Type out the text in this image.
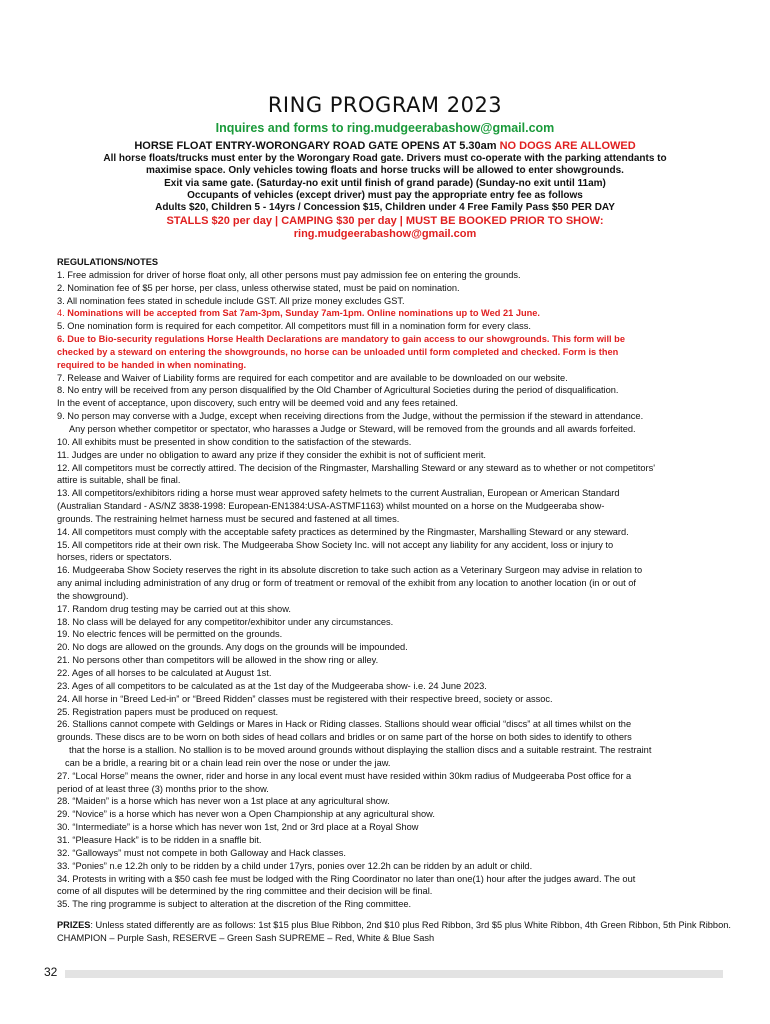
RING PROGRAM 2023
Inquires and forms to ring.mudgeerabashow@gmail.com
HORSE FLOAT ENTRY-WORONGARY ROAD GATE OPENS AT 5.30am NO DOGS ARE ALLOWED
All horse floats/trucks must enter by the Worongary Road gate. Drivers must co-operate with the parking attendants to
maximise space. Only vehicles towing floats and horse trucks will be allowed to enter showgrounds.
Exit via same gate. (Saturday-no exit until finish of grand parade) (Sunday-no exit until 11am)
Occupants of vehicles (except driver) must pay the appropriate entry fee as follows
Adults $20, Children 5 - 14yrs / Concession $15, Children under 4 Free Family Pass $50 PER DAY
STALLS $20 per day | CAMPING $30 per day | MUST BE BOOKED PRIOR TO SHOW:
ring.mudgeerabashow@gmail.com

REGULATIONS/NOTES

1. Free admission for driver of horse float only, all other persons must pay admission fee on entering the grounds.

2. Nomination fee of $5 per horse, per class, unless otherwise stated, must be paid on nomination.

3. All nomination fees stated in schedule include GST. All prize money excludes GST.

4. Nominations will be accepted from Sat 7am-3pm, Sunday 7am-1pm. Online nominations up to Wed 21 June.

5. One nomination form is required for each competitor. All competitors must fill in a nomination form for every class.

6. Due to Bio-security regulations Horse Health Declarations are mandatory to gain access to our showgrounds. This form will be

checked by a steward on entering the showgrounds, no horse can be unloaded until form completed and checked. Form is then

required to be handed in when nominating.

7. Release and Waiver of Liability forms are required for each competitor and are available to be downloaded on our website.

8. No entry will be received from any person disqualified by the Old Chamber of Agricultural Societies during the period of disqualification.

In the event of acceptance, upon discovery, such entry will be deemed void and any fees retained.

9. No person may converse with a Judge, except when receiving directions from the Judge, without the permission if the steward in attendance.

Any person whether competitor or spectator, who harasses a Judge or Steward, will be removed from the grounds and all awards forfeited.

10. All exhibits must be presented in show condition to the satisfaction of the stewards.

11. Judges are under no obligation to award any prize if they consider the exhibit is not of sufficient merit.

12. All competitors must be correctly attired. The decision of the Ringmaster, Marshalling Steward or any steward as to whether or not competitors'

attire is suitable, shall be final.

13. All competitors/exhibitors riding a horse must wear approved safety helmets to the current Australian, European or American Standard

(Australian Standard - AS/NZ 3838-1998: European-EN1384:USA-ASTMF1163) whilst mounted on a horse on the Mudgeeraba show-

grounds. The restraining helmet harness must be secured and fastened at all times.

14. All competitors must comply with the acceptable safety practices as determined by the Ringmaster, Marshalling Steward or any steward.

15. All competitors ride at their own risk. The Mudgeeraba Show Society Inc. will not accept any liability for any accident, loss or injury to

horses, riders or spectators.

16. Mudgeeraba Show Society reserves the right in its absolute discretion to take such action as a Veterinary Surgeon may advise in relation to

any animal including administration of any drug or form of treatment or removal of the exhibit from any location to another location (in or out of

the showground).

17. Random drug testing may be carried out at this show.

18. No class will be delayed for any competitor/exhibitor under any circumstances.

19. No electric fences will be permitted on the grounds.

20. No dogs are allowed on the grounds. Any dogs on the grounds will be impounded.

21. No persons other than competitors will be allowed in the show ring or alley.

22. Ages of all horses to be calculated at August 1st.

23. Ages of all competitors to be calculated as at the 1st day of the Mudgeeraba show- i.e. 24 June 2023.

24. All horse in “Breed Led-in” or “Breed Ridden” classes must be registered with their respective breed, society or assoc.

25. Registration papers must be produced on request.

26. Stallions cannot compete with Geldings or Mares in Hack or Riding classes. Stallions should wear official “discs” at all times whilst on the

grounds. These discs are to be worn on both sides of head collars and bridles or on same part of the horse on both sides to identify to others

that the horse is a stallion. No stallion is to be moved around grounds without displaying the stallion discs and a suitable restraint. The restraint

can be a bridle, a rearing bit or a chain lead rein over the nose or under the jaw.

27. “Local Horse” means the owner, rider and horse in any local event must have resided within 30km radius of Mudgeeraba Post office for a

period of at least three (3) months prior to the show.

28. “Maiden” is a horse which has never won a 1st place at any agricultural show.

29. “Novice” is a horse which has never won a Open Championship at any agricultural show.

30. “Intermediate” is a horse which has never won 1st, 2nd or 3rd place at a Royal Show

31. “Pleasure Hack” is to be ridden in a snaffle bit.

32. “Galloways” must not compete in both Galloway and Hack classes.

33. “Ponies” n.e 12.2h only to be ridden by a child under 17yrs, ponies over 12.2h can be ridden by an adult or child.

34. Protests in writing with a $50 cash fee must be lodged with the Ring Coordinator no later than one(1) hour after the judges award. The out

come of all disputes will be determined by the ring committee and their decision will be final.

35. The ring programme is subject to alteration at the discretion of the Ring committee.

PRIZES: Unless stated differently are as follows: 1st $15 plus Blue Ribbon, 2nd $10 plus Red Ribbon, 3rd $5 plus White Ribbon, 4th Green Ribbon, 5th Pink Ribbon. CHAMPION – Purple Sash, RESERVE – Green Sash SUPREME – Red, White & Blue Sash
32
